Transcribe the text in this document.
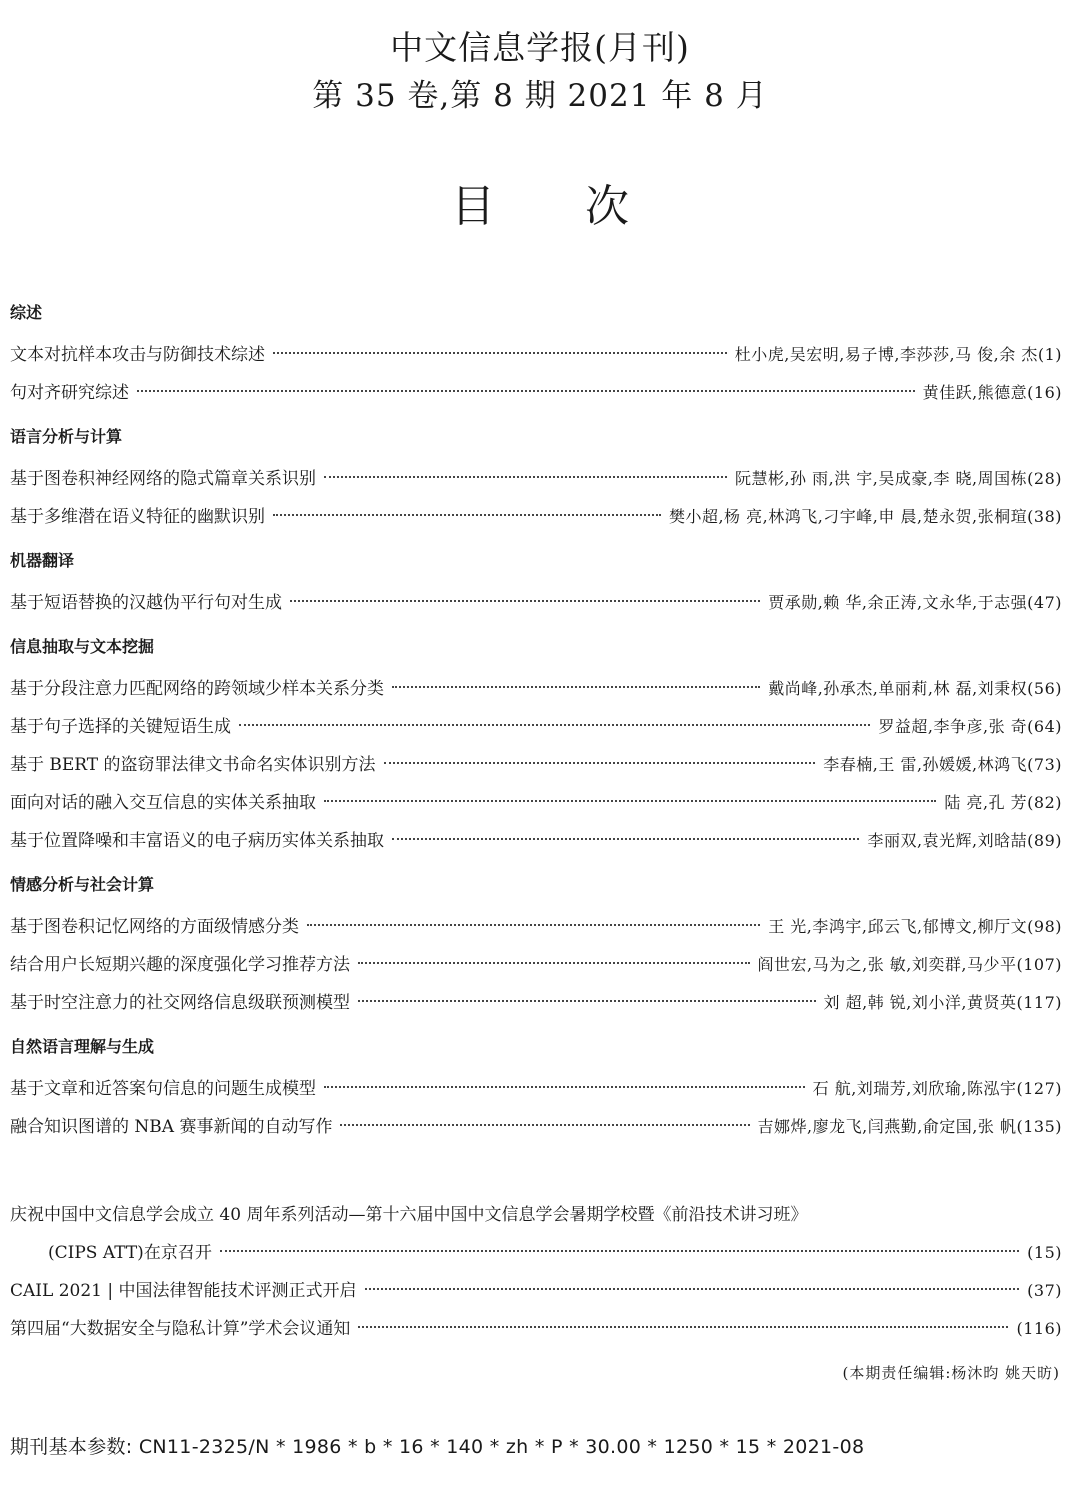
中文信息学报(月刊)
第 35 卷,第 8 期 2021 年 8 月
目次
综述
文本对抗样本攻击与防御技术综述	杜小虎,吴宏明,易子博,李莎莎,马 俊,余 杰(1)
句对齐研究综述	黄佳跃,熊德意(16)
语言分析与计算
基于图卷积神经网络的隐式篇章关系识别	阮慧彬,孙 雨,洪 宇,吴成豪,李 晓,周国栋(28)
基于多维潜在语义特征的幽默识别	樊小超,杨 亮,林鸿飞,刁宇峰,申 晨,楚永贺,张桐瑄(38)
机器翻译
基于短语替换的汉越伪平行句对生成	贾承勋,赖 华,余正涛,文永华,于志强(47)
信息抽取与文本挖掘
基于分段注意力匹配网络的跨领域少样本关系分类	戴尚峰,孙承杰,单丽莉,林 磊,刘秉权(56)
基于句子选择的关键短语生成	罗益超,李争彦,张 奇(64)
基于 BERT 的盗窃罪法律文书命名实体识别方法	李春楠,王 雷,孙媛媛,林鸿飞(73)
面向对话的融入交互信息的实体关系抽取	陆 亮,孔 芳(82)
基于位置降噪和丰富语义的电子病历实体关系抽取	李丽双,袁光辉,刘晗喆(89)
情感分析与社会计算
基于图卷积记忆网络的方面级情感分类	王 光,李鸿宇,邱云飞,郁博文,柳厅文(98)
结合用户长短期兴趣的深度强化学习推荐方法	阎世宏,马为之,张 敏,刘奕群,马少平(107)
基于时空注意力的社交网络信息级联预测模型	刘 超,韩 锐,刘小洋,黄贤英(117)
自然语言理解与生成
基于文章和近答案句信息的问题生成模型	石 航,刘瑞芳,刘欣瑜,陈泓宇(127)
融合知识图谱的 NBA 赛事新闻的自动写作	吉娜烨,廖龙飞,闫燕勤,俞定国,张 帆(135)
庆祝中国中文信息学会成立 40 周年系列活动—第十六届中国中文信息学会暑期学校暨《前沿技术讲习班》
(CIPS ATT)在京召开	(15)
CAIL 2021 | 中国法律智能技术评测正式开启	(37)
第四届“大数据安全与隐私计算”学术会议通知	(116)
(本期责任编辑:杨沐昀 姚天昉)
期刊基本参数: CN11-2325/N * 1986 * b * 16 * 140 * zh * P * 30.00 * 1250 * 15 * 2021-08
